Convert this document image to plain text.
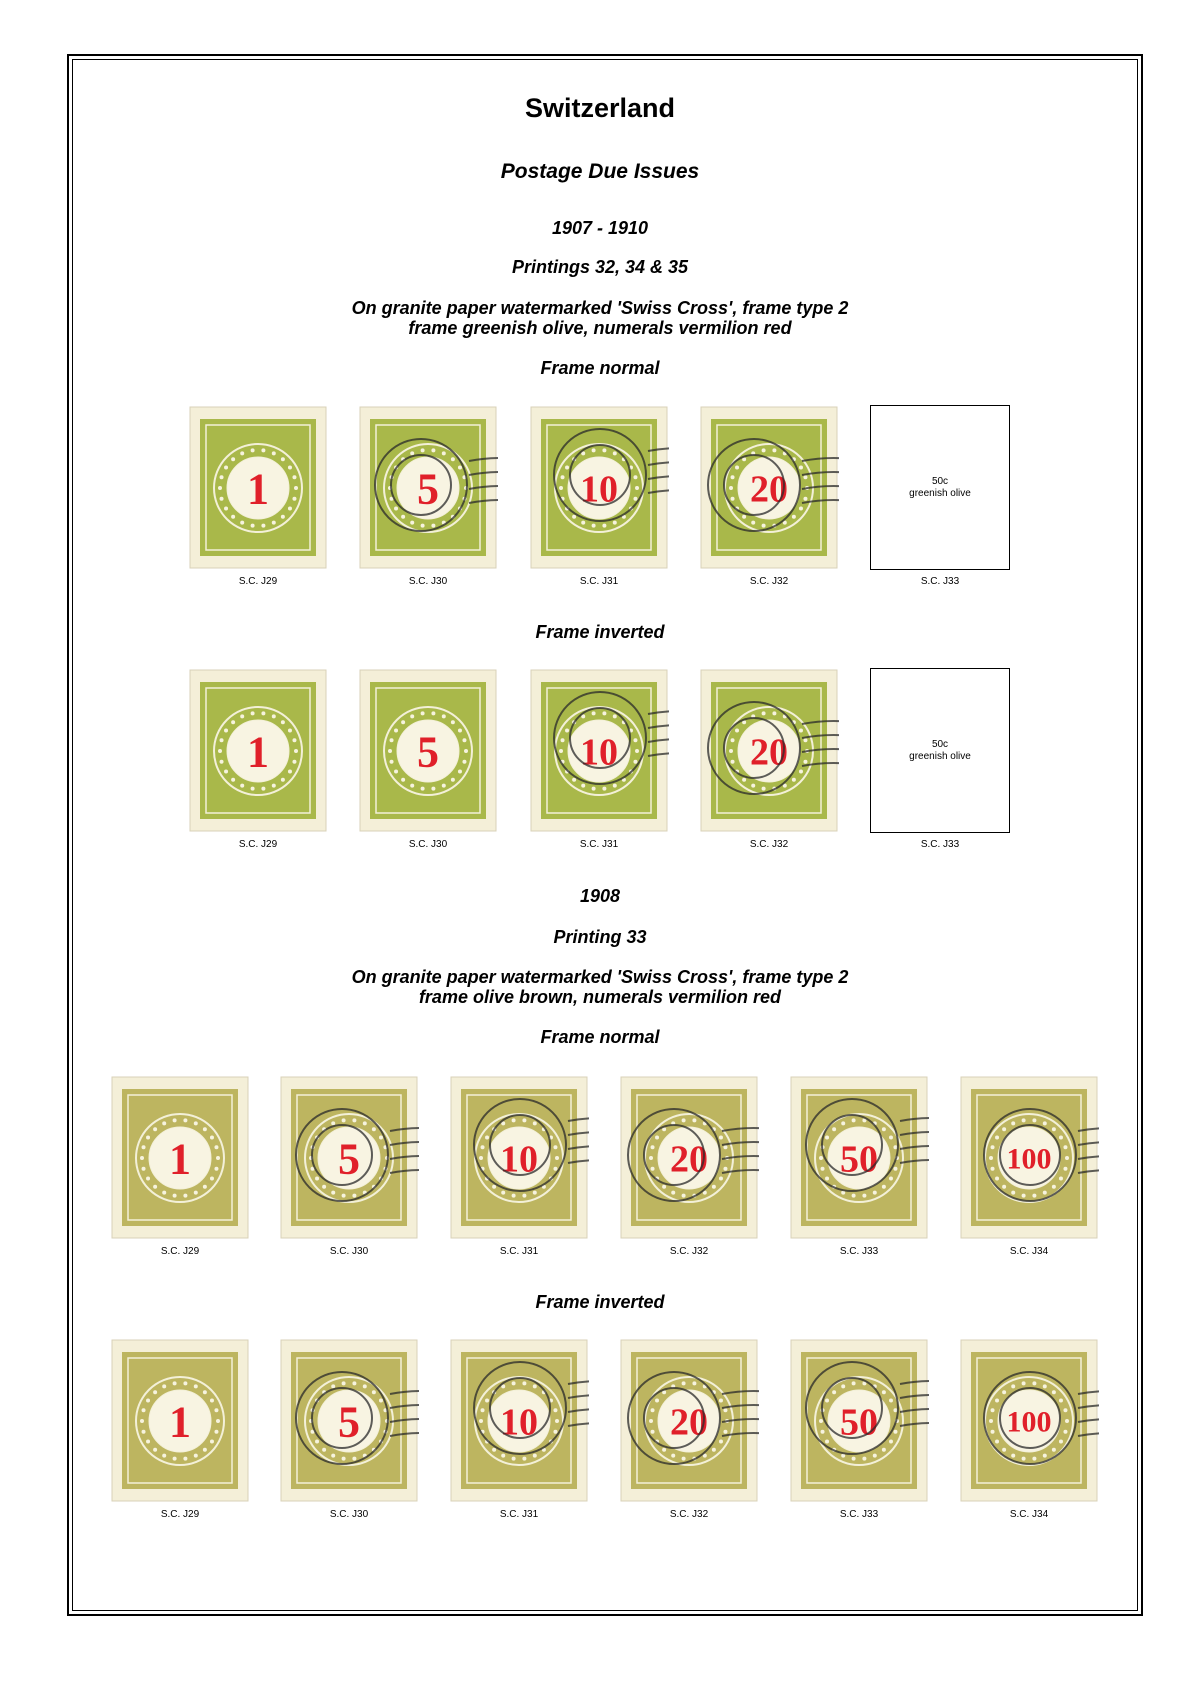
Switzerland
Postage Due Issues
1907 - 1910
Printings 32, 34 & 35
On granite paper watermarked 'Swiss Cross', frame type 2
frame greenish olive, numerals vermilion red
Frame normal
1
S.C. J29
5
S.C. J30
10
S.C. J31
20
S.C. J32
50c
greenish olive
S.C. J33
Frame inverted
1
S.C. J29
5
S.C. J30
10
S.C. J31
20
S.C. J32
50c
greenish olive
S.C. J33
1908
Printing 33
On granite paper watermarked 'Swiss Cross', frame type 2
frame olive brown, numerals vermilion red
Frame normal
1
S.C. J29
5
S.C. J30
10
S.C. J31
20
S.C. J32
50
S.C. J33
100
S.C. J34
Frame inverted
1
S.C. J29
5
S.C. J30
10
S.C. J31
20
S.C. J32
50
S.C. J33
100
S.C. J34
